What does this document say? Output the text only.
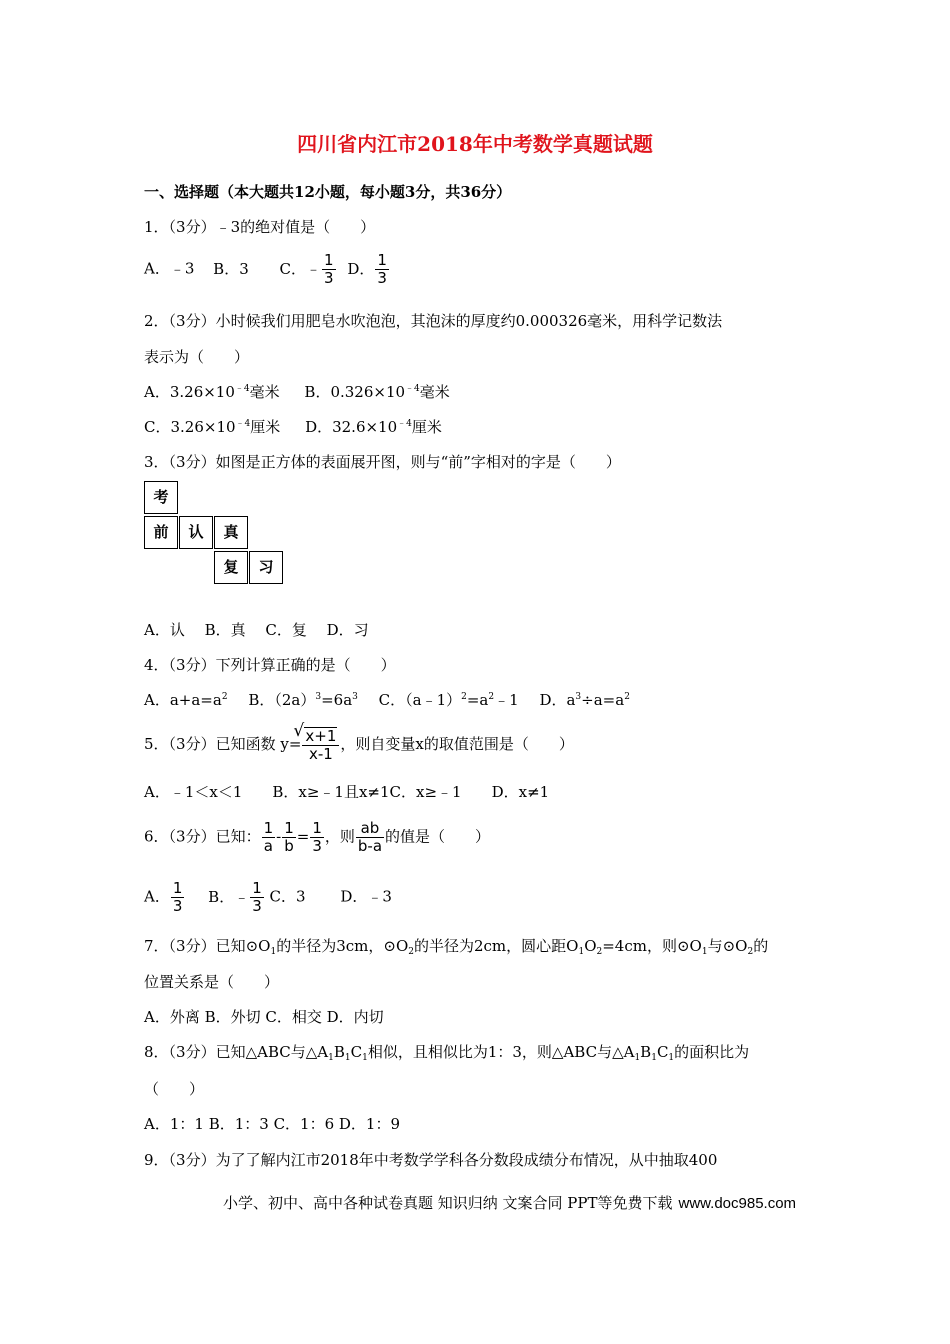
四川省内江市2018年中考数学真题试题
一、选择题（本大题共12小题，每小题3分，共36分）
1．（3分）﹣3的绝对值是（　　）
A．﹣3 B．3 C．﹣ $\frac{1}{3}$ D． $\frac{1}{3}$
2．（3分）小时候我们用肥皂水吹泡泡，其泡沫的厚度约0.000326毫米，用科学记数法
表示为（　　）
A．$3.26\times 10^{﹣4}$毫米 B．$0.326\times 10^{﹣4}$毫米
C．$3.26\times 10^{﹣4}$厘米 D．$32.6\times 10^{﹣4}$厘米
3．（3分）如图是正方体的表面展开图，则与“前”字相对的字是（　　）
考
前	认	真
复	习
A．认　 B．真　 C．复　 D．习
4．（3分）下列计算正确的是（　　）
A．$a+a=a^2$ B．$(2a)^3=6a^3$ C．$(a﹣1)^2=a^2﹣1$ D．$a^3\div a=a^2$
5．（3分）已知函数 y=
√ $\frac{x+1}{x-1}$ ，则自变量x的取值范围是（　　）
A．﹣1＜x＜1　　B．x≥﹣1且x≠1C．x≥﹣1　　D．x≠1
6．（3分）已知： $\frac{1}{a} - \frac{1}{b} = \frac{1}{3}$ ，则 $\frac{ab}{b-a}$ 的值是（　　）
A． $\frac{1}{3}$ B．﹣ $\frac{1}{3}$ C．3　　 D．﹣3
7．（3分）已知$⊙O_1$的半径为3cm，$⊙O_2$的半径为2cm，圆心距$O_1O_2=4cm$，则$⊙O_1$与$⊙O_2$的
位置关系是（　　）
A．外离 B．外切 C．相交 D．内切
8．（3分）已知△ABC与$\triangle A_1B_1C_1$相似，且相似比为1：3，则△ABC与$\triangle A_1B_1C_1$的面积比为
（　　）
A．1：1 B．1：3 C．1：6 D．1：9
9．（3分）为了了解内江市2018年中考数学学科各分数段成绩分布情况，从中抽取400
小学、初中、高中各种试卷真题 知识归纳 文案合同 PPT等免费下载 www.doc985.com
